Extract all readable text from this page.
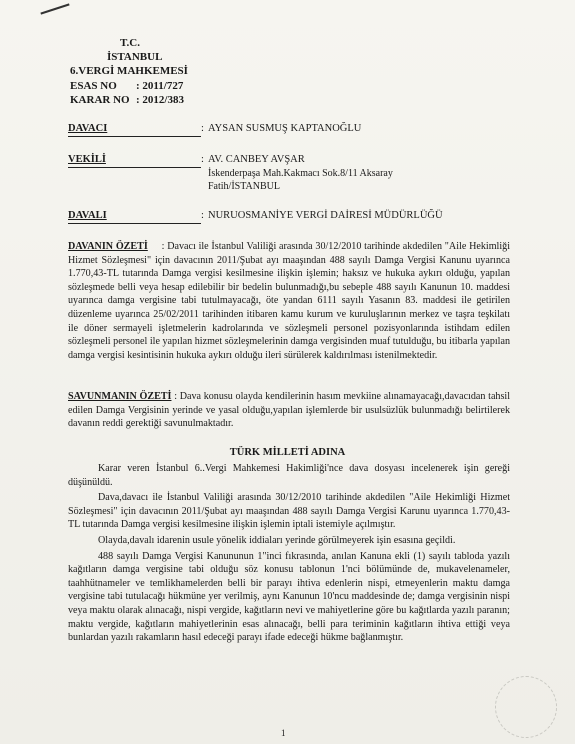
T.C.
İSTANBUL
6.VERGİ MAHKEMESİ
ESAS NO : 2011/727
KARAR NO : 2012/383
DAVACI	: AYSAN SUSMUŞ KAPTANOĞLU
VEKİLİ	: AV. CANBEY AVŞAR
İskenderpaşa Mah.Kakmacı Sok.8/11 Aksaray
Fatih/İSTANBUL
DAVALI	: NURUOSMANİYE VERGİ DAİRESİ MÜDÜRLÜĞÜ

DAVANIN ÖZETİ : Davacı ile İstanbul Valiliği arasında 30/12/2010 tarihinde akdedilen "Aile Hekimliği Hizmet Sözleşmesi" için davacının 2011/Şubat ayı maaşından 488 sayılı Damga Vergisi Kanunu uyarınca 1.770,43-TL tutarında Damga vergisi kesilmesine ilişkin işlemin; haksız ve hukuka aykırı olduğu, yapılan sözleşmede belli veya hesap edilebilir bir bedelin bulunmadığı,bu sebeple 488 sayılı Kanunun 10. maddesi uyarınca damga vergisine tabi tutulmayacağı, öte yandan 6111 sayılı Yasanın 83. maddesi ile getirilen düzenleme uyarınca 25/02/2011 tarihinden itibaren kamu kurum ve kuruluşlarının merkez ve taşra teşkilatı ile döner sermayeli işletmelerin kadrolarında ve sözleşmeli personel pozisyonlarında istihdam edilen sözleşmeli personel ile yapılan hizmet sözleşmelerinin damga vergisinden muaf tutulduğu, bu itibarla yapılan damga vergisi kesintisinin hukuka aykırı olduğu ileri sürülerek kaldırılması istenilmektedir.

SAVUNMANIN ÖZETİ : Dava konusu olayda kendilerinin hasım mevkiine alınamayacağı,davacıdan tahsil edilen Damga Vergisinin yerinde ve yasal olduğu,yapılan işlemlerde bir usulsüzlük bulunmadığı belirtilerek davanın reddi gerektiği savunulmaktadır.

TÜRK MİLLETİ ADINA

Karar veren İstanbul 6..Vergi Mahkemesi Hakimliği'nce dava dosyası incelenerek işin gereği düşünüldü.

Dava,davacı ile İstanbul Valiliği arasında 30/12/2010 tarihinde akdedilen "Aile Hekimliği Hizmet Sözleşmesi" için davacının 2011/Şubat ayı maaşından 488 sayılı Damga Vergisi Karunu uyarınca 1.770,43-TL tutarında Damga vergisi kesilmesine ilişkin işlemin iptali istemiyle açılmıştır.

Olayda,davalı idarenin usule yönelik iddiaları yerinde görülmeyerek işin esasına geçildi.

488 sayılı Damga Vergisi Kanununun 1"inci fıkrasında, anılan Kanuna ekli (1) sayılı tabloda yazılı kağıtların damga vergisine tabi olduğu söz konusu tablonun 1'nci bölümünde de, mukavelenameler, taahhütnameler ve temlikhamelerden belli bir parayı ihtiva edenlerin nispi, etmeyenlerin maktu damga vergisine tabi tutulacağı hükmüne yer verilmiş, aynı Kanunun 10'ncu maddesinde de; damga vergisinin nispi veya maktu olarak alınacağı, nispi vergide, kağıtların nevi ve mahiyetlerine göre bu kağıtlarda yazılı paranın; maktu vergide, kağıtların mahiyetlerinin esas alınacağı, belli para teriminin kağıtların ihtiva ettiği veya bunlardan yazılı rakamların hasıl edeceği parayı ifade edeceği hükme bağlanmıştır.

1
